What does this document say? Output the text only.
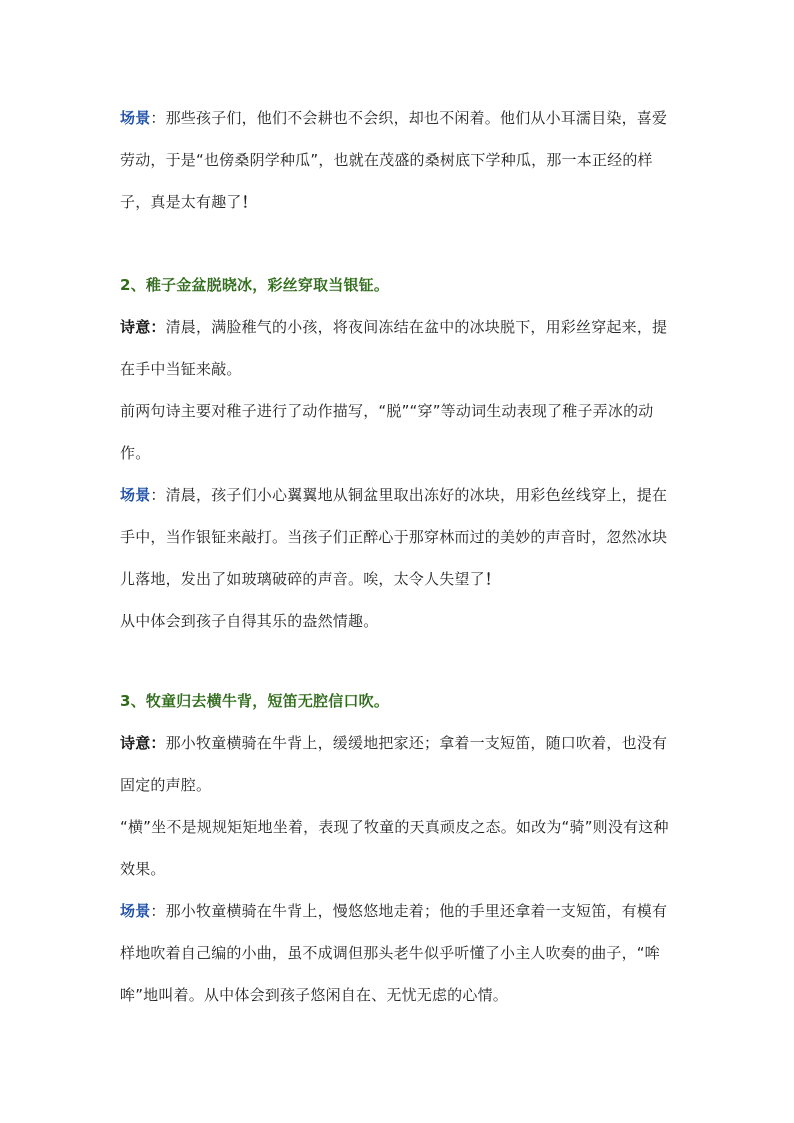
场景：那些孩子们，他们不会耕也不会织，却也不闲着。他们从小耳濡目染，喜爱劳动，于是“也傍桑阴学种瓜”，也就在茂盛的桑树底下学种瓜，那一本正经的样子，真是太有趣了！

2、稚子金盆脱晓冰，彩丝穿取当银钲。

诗意：清晨，满脸稚气的小孩，将夜间冻结在盆中的冰块脱下，用彩丝穿起来，提在手中当钲来敲。

前两句诗主要对稚子进行了动作描写，“脱”“穿”等动词生动表现了稚子弄冰的动作。

场景：清晨，孩子们小心翼翼地从铜盆里取出冻好的冰块，用彩色丝线穿上，提在手中，当作银钲来敲打。当孩子们正醉心于那穿林而过的美妙的声音时，忽然冰块儿落地，发出了如玻璃破碎的声音。唉，太令人失望了！

从中体会到孩子自得其乐的盎然情趣。

3、牧童归去横牛背，短笛无腔信口吹。

诗意：那小牧童横骑在牛背上，缓缓地把家还；拿着一支短笛，随口吹着，也没有固定的声腔。

“横”坐不是规规矩矩地坐着，表现了牧童的天真顽皮之态。如改为“骑”则没有这种效果。

场景：那小牧童横骑在牛背上，慢悠悠地走着；他的手里还拿着一支短笛，有模有样地吹着自己编的小曲，虽不成调但那头老牛似乎听懂了小主人吹奏的曲子，“哞哞”地叫着。从中体会到孩子悠闲自在、无忧无虑的心情。
